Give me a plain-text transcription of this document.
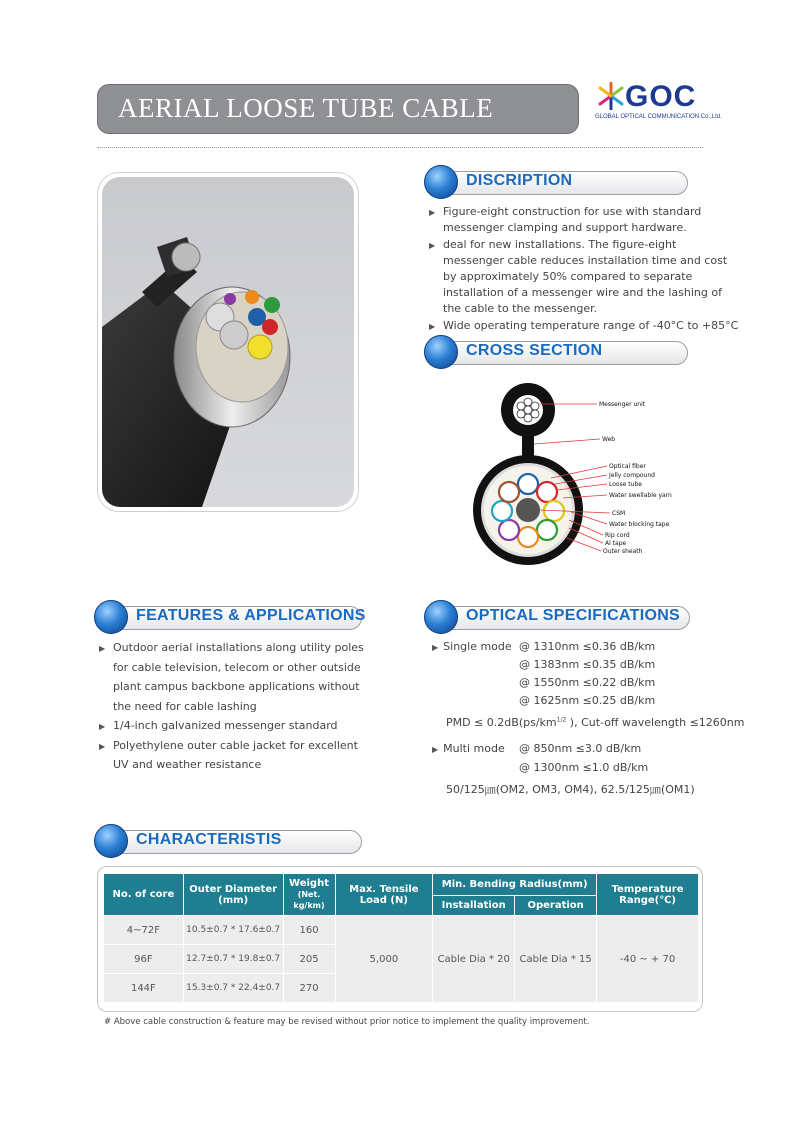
AERIAL LOOSE TUBE CABLE	GOC
GLOBAL OPTICAL COMMUNICATION Co.,Ltd.
DISCRIPTION
▶ Figure-eight construction for use with standard messenger clamping and support hardware.
▶ deal for new installations. The figure-eight messenger cable reduces installation time and cost by approximately 50% compared to separate installation of a messenger wire and the lashing of the cable to the messenger.
▶ Wide operating temperature range of -40°C to +85°C
CROSS SECTION
Messenger unit
Web
Optical fiber
Jelly compound
Loose tube
Water swellable yarn
CSM
Water blocking tape
Rip cord
Al tape
Outer sheath
FEATURES & APPLICATIONS
▶ Outdoor aerial installations along utility poles for cable television, telecom or other outside plant campus backbone applications without the need for cable lashing
▶ 1/4-inch galvanized messenger standard
▶ Polyethylene outer cable jacket for excellent UV and weather resistance
OPTICAL SPECIFICATIONS
▶ Single mode @ 1310nm ≤0.36 dB/km
@ 1383nm ≤0.35 dB/km
@ 1550nm ≤0.22 dB/km
@ 1625nm ≤0.25 dB/km
PMD ≤ $0.2dB(ps/km^{1/2}$ ), Cut-off wavelength ≤1260nm
▶ Multi mode @ 850nm ≤3.0 dB/km
@ 1300nm ≤1.0 dB/km
50/125㎛(OM2, OM3, OM4), 62.5/125㎛(OM1)
CHARACTERISTIS
No. of core	Outer Diameter (mm)	Weight
(Net. kg/km)	Max. Tensile Load (N)	Min. Bending Radius(mm)		Temperature Range(℃)
				Installation	Operation	
4~72F	10.5±0.7 * 17.6±0.7	160	5,000	Cable Dia * 20	Cable Dia * 15	-40 ~ + 70
96F	12.7±0.7 * 19.8±0.7	205				
144F	15.3±0.7 * 22.4±0.7	270				
# Above cable construction & feature may be revised without prior notice to implement the quality improvement.
